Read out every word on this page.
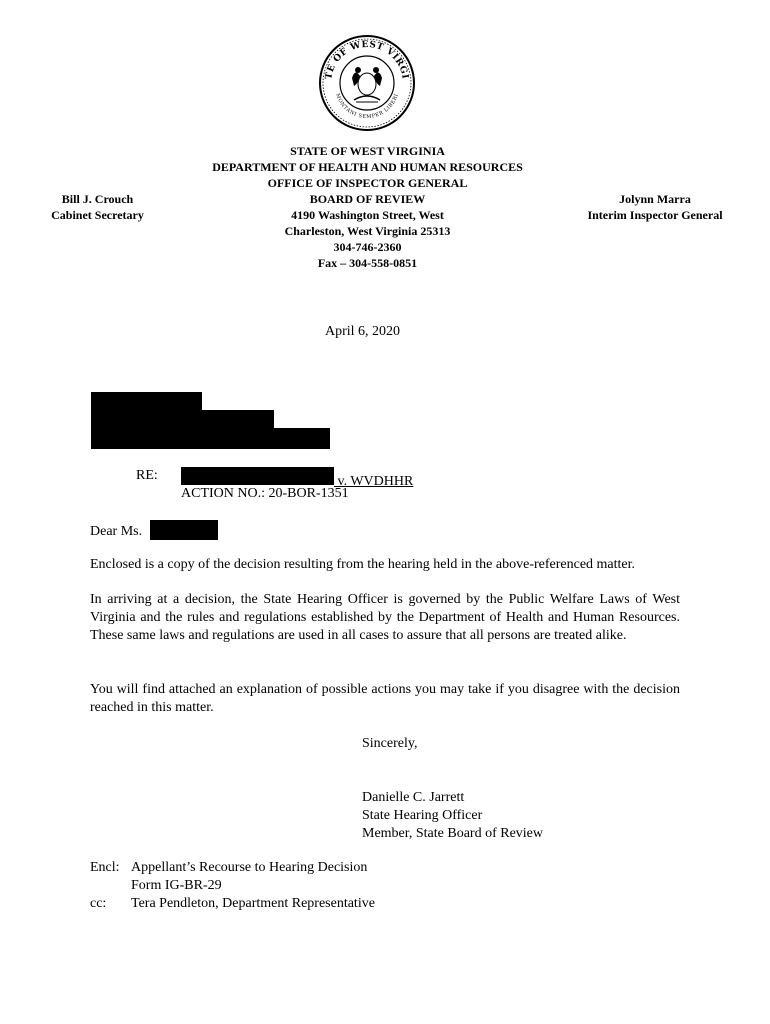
TE OF WEST VIRGI
MONTANI SEMPER LIBERI
STATE OF WEST VIRGINIA
DEPARTMENT OF HEALTH AND HUMAN RESOURCES
OFFICE OF INSPECTOR GENERAL
BOARD OF REVIEW
4190 Washington Street, West
Charleston, West Virginia 25313
304-746-2360
Fax – 304-558-0851
Bill J. Crouch
Cabinet Secretary
Jolynn Marra
Interim Inspector General
April 6, 2020
RE:	v. WVDHHR
ACTION NO.: 20-BOR-1351
Dear Ms.
Enclosed is a copy of the decision resulting from the hearing held in the above-referenced matter.
In arriving at a decision, the State Hearing Officer is governed by the Public Welfare Laws of West Virginia and the rules and regulations established by the Department of Health and Human Resources. These same laws and regulations are used in all cases to assure that all persons are treated alike.
You will find attached an explanation of possible actions you may take if you disagree with the decision reached in this matter.
Sincerely,
Danielle C. Jarrett
State Hearing Officer
Member, State Board of Review
Encl: Appellant’s Recourse to Hearing Decision
Form IG-BR-29
cc:	Tera Pendleton, Department Representative
